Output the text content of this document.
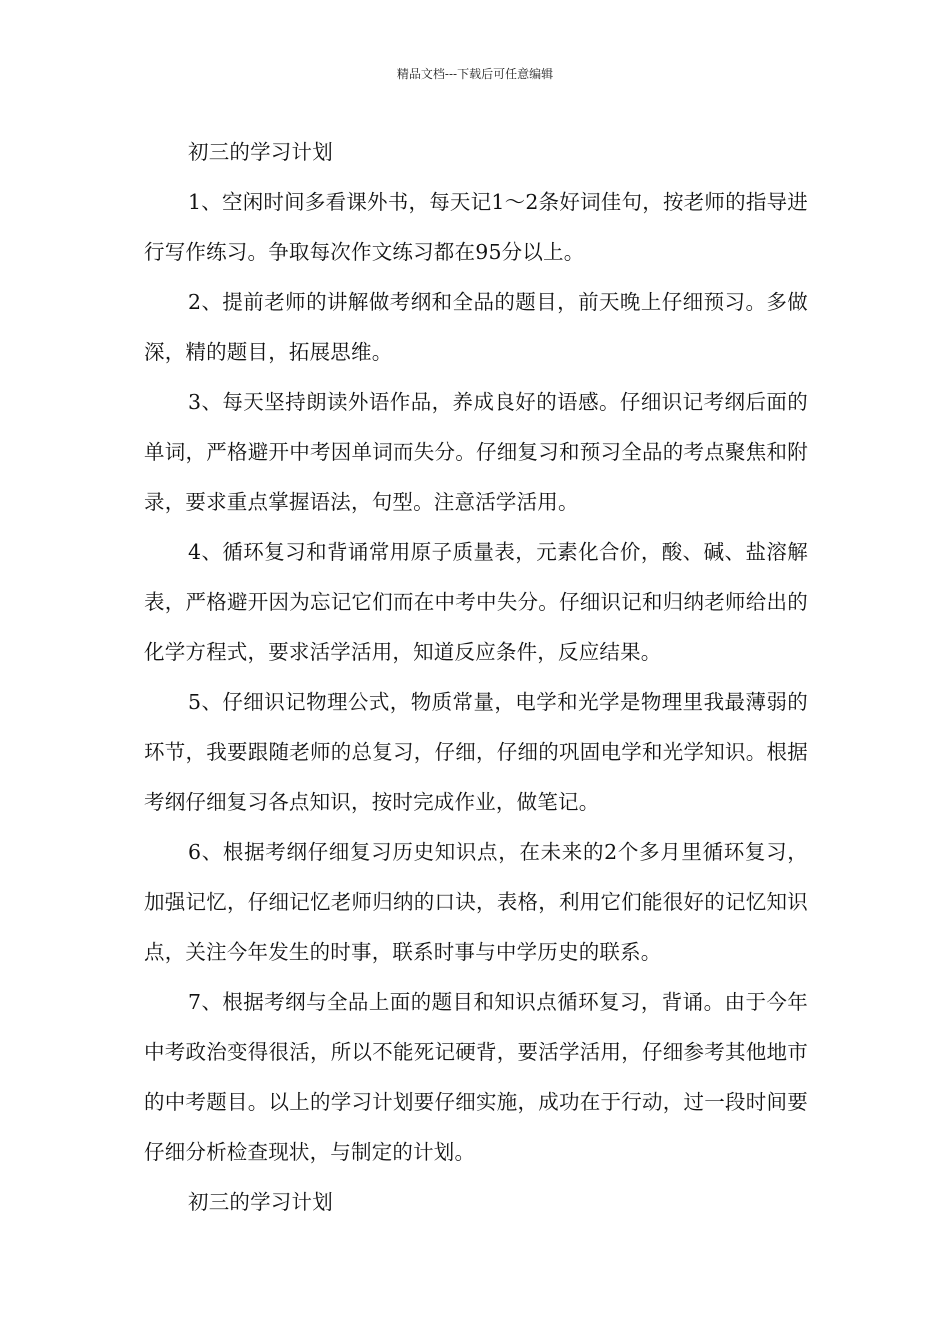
精品文档---下载后可任意编辑

初三的学习计划

1、空闲时间多看课外书，每天记1～2条好词佳句，按老师的指导进行写作练习。争取每次作文练习都在95分以上。

2、提前老师的讲解做考纲和全品的题目，前天晚上仔细预习。多做深，精的题目，拓展思维。

3、每天坚持朗读外语作品，养成良好的语感。仔细识记考纲后面的单词，严格避开中考因单词而失分。仔细复习和预习全品的考点聚焦和附录，要求重点掌握语法，句型。注意活学活用。

4、循环复习和背诵常用原子质量表，元素化合价，酸、碱、盐溶解表，严格避开因为忘记它们而在中考中失分。仔细识记和归纳老师给出的化学方程式，要求活学活用，知道反应条件，反应结果。

5、仔细识记物理公式，物质常量，电学和光学是物理里我最薄弱的环节，我要跟随老师的总复习，仔细，仔细的巩固电学和光学知识。根据考纲仔细复习各点知识，按时完成作业，做笔记。

6、根据考纲仔细复习历史知识点，在未来的2个多月里循环复习，加强记忆，仔细记忆老师归纳的口诀，表格，利用它们能很好的记忆知识点，关注今年发生的时事，联系时事与中学历史的联系。

7、根据考纲与全品上面的题目和知识点循环复习，背诵。由于今年中考政治变得很活，所以不能死记硬背，要活学活用，仔细参考其他地市的中考题目。以上的学习计划要仔细实施，成功在于行动，过一段时间要仔细分析检查现状，与制定的计划。

初三的学习计划
